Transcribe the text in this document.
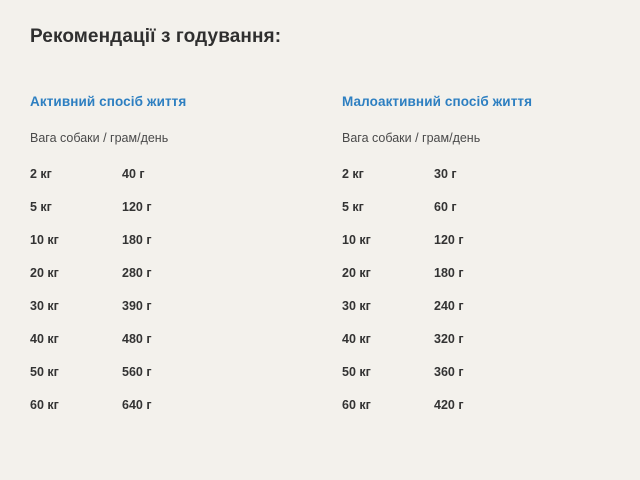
Рекомендації з годування:
Активний спосіб життя
Вага собаки / грам/день
2 кг	40 г
5 кг	120 г
10 кг	180 г
20 кг	280 г
30 кг	390 г
40 кг	480 г
50 кг	560 г
60 кг	640 г
Малоактивний спосіб життя
Вага собаки / грам/день
2 кг	30 г
5 кг	60 г
10 кг	120 г
20 кг	180 г
30 кг	240 г
40 кг	320 г
50 кг	360 г
60 кг	420 г
